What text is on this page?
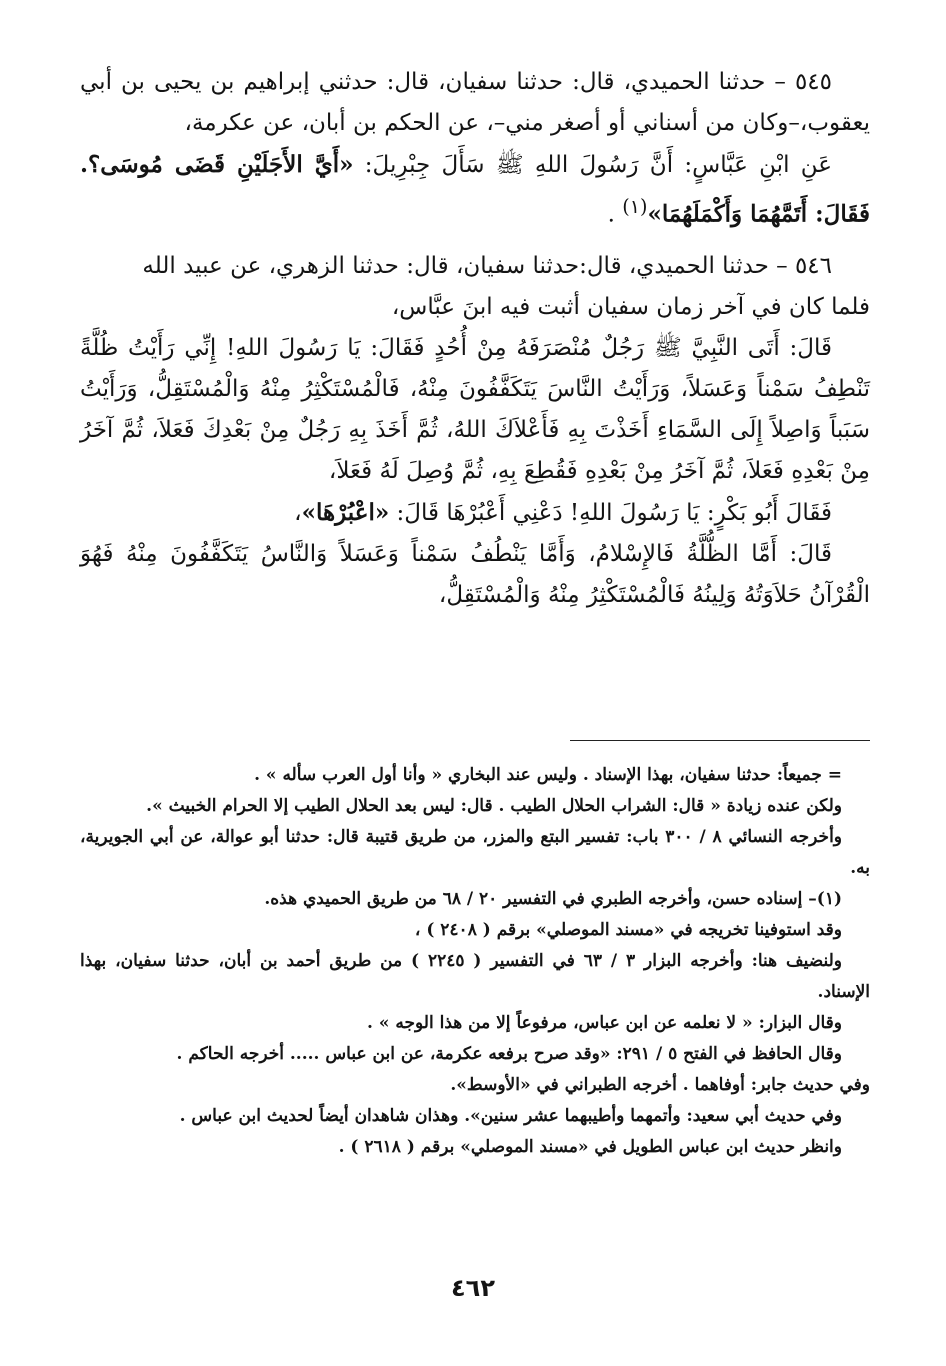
٥٤٥ – حدثنا الحميدي، قال: حدثنا سفيان، قال: حدثني إبراهيم بن يحيى بن أبي يعقوب،–وكان من أسناني أو أصغر مني–، عن الحكم بن أبان، عن عكرمة،

عَنِ ابْنِ عَبَّاسٍ: أَنَّ رَسُولَ اللهِ ﷺ سَأَلَ جِبْرِيلَ: «أَيَّ الأَجَلَيْنِ قَضَى مُوسَى؟. فَقَالَ: أَتَمَّهُمَا وَأَكْمَلَهُمَا»$^{(١)}$ .

٥٤٦ – حدثنا الحميدي، قال:حدثنا سفيان، قال: حدثنا الزهري، عن عبيد الله

فلما كان في آخر زمان سفيان أثبت فيه ابنَ عبَّاس،

قَالَ: أَتَى النَّبِيَّ ﷺ رَجُلٌ مُنْصَرَفَهُ مِنْ أُحُدٍ فَقَالَ: يَا رَسُولَ اللهِ! إِنِّي رَأَيْتُ ظُلَّةً تَنْطِفُ سَمْناً وَعَسَلاً، وَرَأَيْتُ النَّاسَ يَتَكَفَّفُونَ مِنْهُ، فَالْمُسْتَكْثِرُ مِنْهُ وَالْمُسْتَقِلُّ، وَرَأَيْتُ سَبَباً وَاصِلاً إِلَى السَّمَاءِ أَخَذْتَ بِهِ فَأَعْلاَكَ اللهُ، ثُمَّ أَخَذَ بِهِ رَجُلٌ مِنْ بَعْدِكَ فَعَلاَ، ثُمَّ آخَرُ مِنْ بَعْدِهِ فَعَلاَ، ثُمَّ آخَرُ مِنْ بَعْدِهِ فَقُطِعَ بِهِ، ثُمَّ وُصِلَ لَهُ فَعَلاَ،

فَقَالَ أَبُو بَكْرٍ: يَا رَسُولَ اللهِ! دَعْنِي أَعْبُرْهَا قَالَ: «اعْبُرْهَا»،

قَالَ: أَمَّا الظُّلَّةُ فَالإِسْلامُ، وَأَمَّا يَنْطُفُ سَمْناً وَعَسَلاً وَالنَّاسُ يَتَكَفَّفُونَ مِنْهُ فَهُوَ الْقُرْآنُ حَلاَوَتُهُ وَلِينُهُ فَالْمُسْتَكْثِرُ مِنْهُ وَالْمُسْتَقِلُّ،

= جميعاً: حدثنا سفيان، بهذا الإسناد . وليس عند البخاري « وأنا أول العرب سأله » .

ولكن عنده زيادة « قال: الشراب الحلال الطيب . قال: ليس بعد الحلال الطيب إلا الحرام الخبيث ».

وأخرجه النسائي ٨ / ٣٠٠ باب: تفسير البتع والمزر، من طريق قتيبة قال: حدثنا أبو عوالة، عن أبي الجويرية، به.

(١)– إسناده حسن، وأخرجه الطبري في التفسير ٢٠ / ٦٨ من طريق الحميدي هذه.

وقد استوفينا تخريجه في «مسند الموصلي» برقم ( ٢٤٠٨ ) ،

ولنضيف هنا: وأخرجه البزار ٣ / ٦٣ في التفسير ( ٢٢٤٥ ) من طريق أحمد بن أبان، حدثنا سفيان، بهذا الإسناد.

وقال البزار: « لا نعلمه عن ابن عباس، مرفوعاً إلا من هذا الوجه » .

وقال الحافظ في الفتح ٥ / ٢٩١: «وقد صرح برفعه عكرمة، عن ابن عباس ..... أخرجه الحاكم .

وفي حديث جابر: أوفاهما . أخرجه الطبراني في «الأوسط».

وفي حديث أبي سعيد: وأتمهما وأطيبهما عشر سنين». وهذان شاهدان أيضاً لحديث ابن عباس .

وانظر حديث ابن عباس الطويل في «مسند الموصلي» برقم ( ٢٦١٨ ) .

٤٦٢
